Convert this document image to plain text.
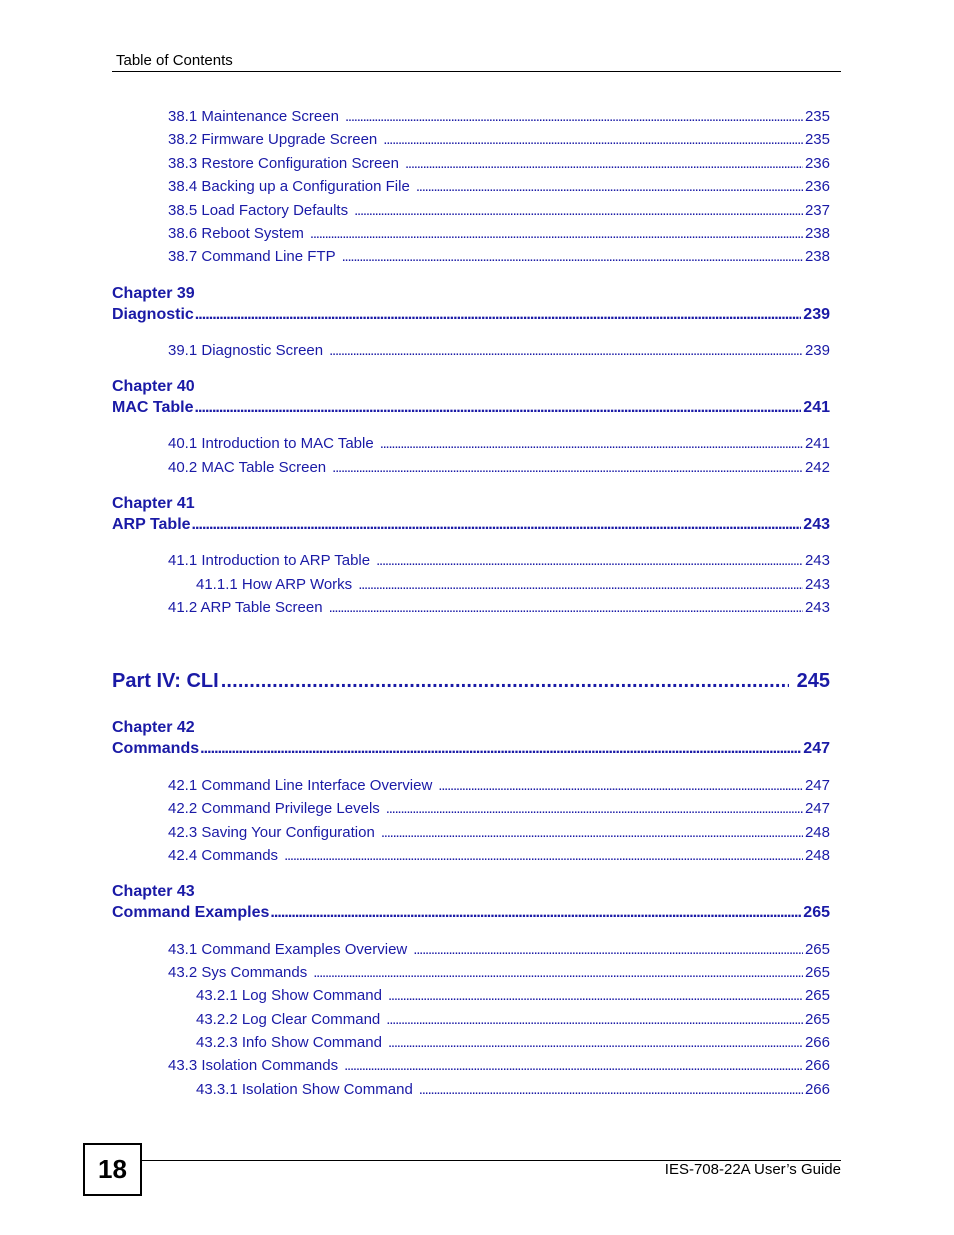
Table of Contents
38.1 Maintenance Screen . . .	235
38.2 Firmware Upgrade Screen . . .	235
38.3 Restore Configuration Screen . . .	236
38.4 Backing up a Configuration File . . .	236
38.5 Load Factory Defaults . . .	237
38.6 Reboot System . . .	238
38.7 Command Line FTP . . .	238
Chapter 39
Diagnostic . . .	239
39.1 Diagnostic Screen . . .	239
Chapter 40
MAC Table . . .	241
40.1 Introduction to MAC Table . . .	241
40.2 MAC Table Screen . . .	242
Chapter 41
ARP Table . . .	243
41.1 Introduction to ARP Table . . .	243
41.1.1 How ARP Works . . .	243
41.2 ARP Table Screen . . .	243
Part IV: CLI . . .	245
Chapter 42
Commands . . .	247
42.1 Command Line Interface Overview . . .	247
42.2 Command Privilege Levels . . .	247
42.3 Saving Your Configuration . . .	248
42.4 Commands . . .	248
Chapter 43
Command Examples . . .	265
43.1 Command Examples Overview . . .	265
43.2 Sys Commands . . .	265
43.2.1 Log Show Command . . .	265
43.2.2 Log Clear Command . . .	265
43.2.3 Info Show Command . . .	266
43.3 Isolation Commands . . .	266
43.3.1 Isolation Show Command . . .	266
18	IES-708-22A User’s Guide
